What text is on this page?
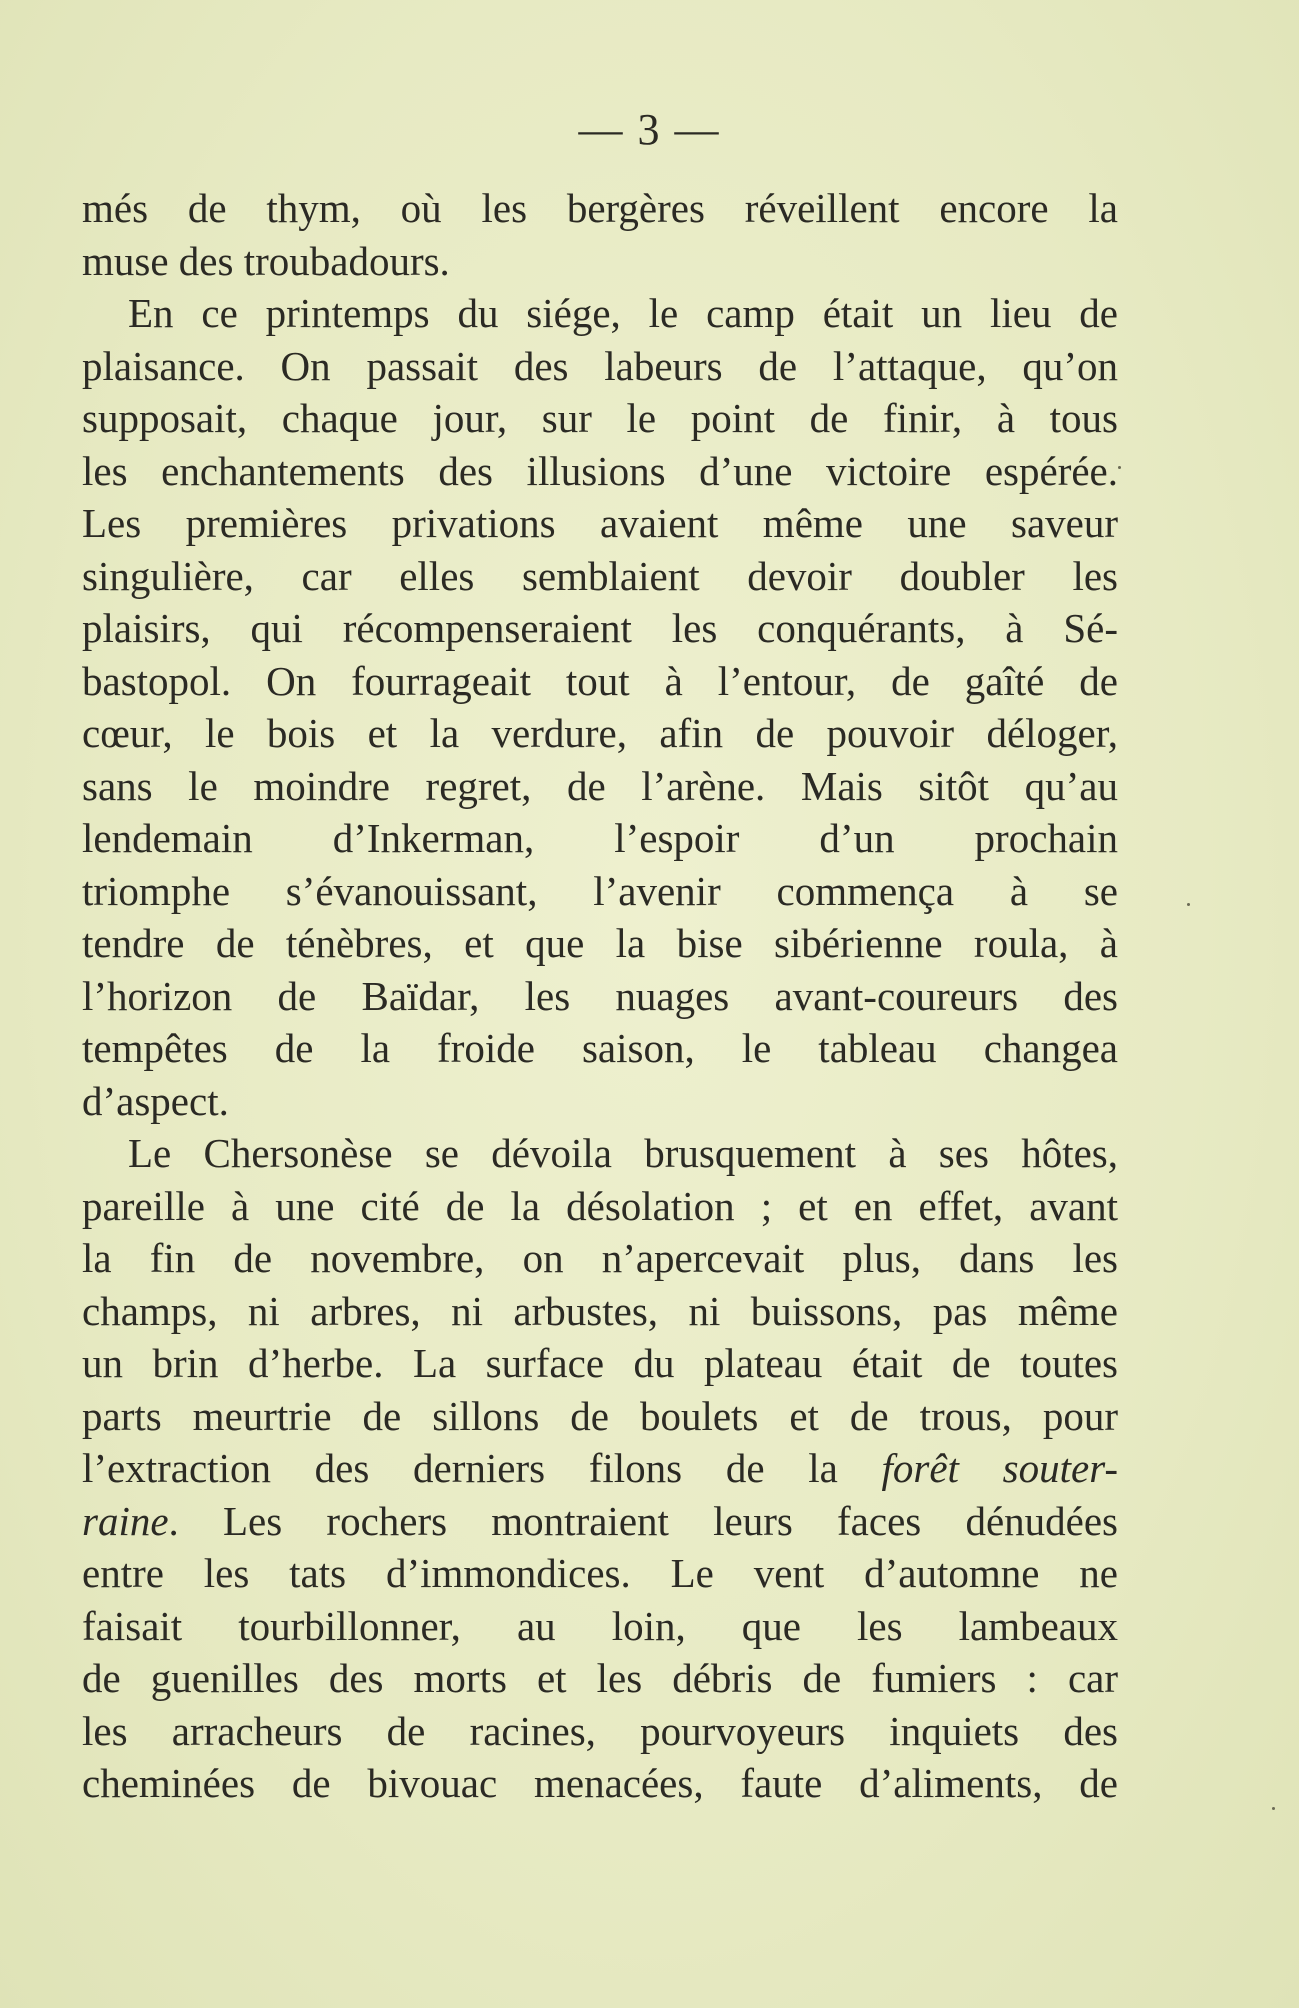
— 3 —
més de thym, où les bergères réveillent encore la
muse des troubadours.
En ce printemps du siége, le camp était un lieu de
plaisance. On passait des labeurs de l’attaque, qu’on
supposait, chaque jour, sur le point de finir, à tous
les enchantements des illusions d’une victoire espérée.
Les premières privations avaient même une saveur
singulière, car elles semblaient devoir doubler les
plaisirs, qui récompenseraient les conquérants, à Sé-
bastopol. On fourrageait tout à l’entour, de gaîté de
cœur, le bois et la verdure, afin de pouvoir déloger,
sans le moindre regret, de l’arène. Mais sitôt qu’au
lendemain d’Inkerman, l’espoir d’un prochain
triomphe s’évanouissant, l’avenir commença à se
tendre de ténèbres, et que la bise sibérienne roula, à
l’horizon de Baïdar, les nuages avant-coureurs des
tempêtes de la froide saison, le tableau changea
d’aspect.
Le Chersonèse se dévoila brusquement à ses hôtes,
pareille à une cité de la désolation ; et en effet, avant
la fin de novembre, on n’apercevait plus, dans les
champs, ni arbres, ni arbustes, ni buissons, pas même
un brin d’herbe. La surface du plateau était de toutes
parts meurtrie de sillons de boulets et de trous, pour
l’extraction des derniers filons de la forêt souter-
raine. Les rochers montraient leurs faces dénudées
entre les tats d’immondices. Le vent d’automne ne
faisait tourbillonner, au loin, que les lambeaux
de guenilles des morts et les débris de fumiers : car
les arracheurs de racines, pourvoyeurs inquiets des
cheminées de bivouac menacées, faute d’aliments, de
